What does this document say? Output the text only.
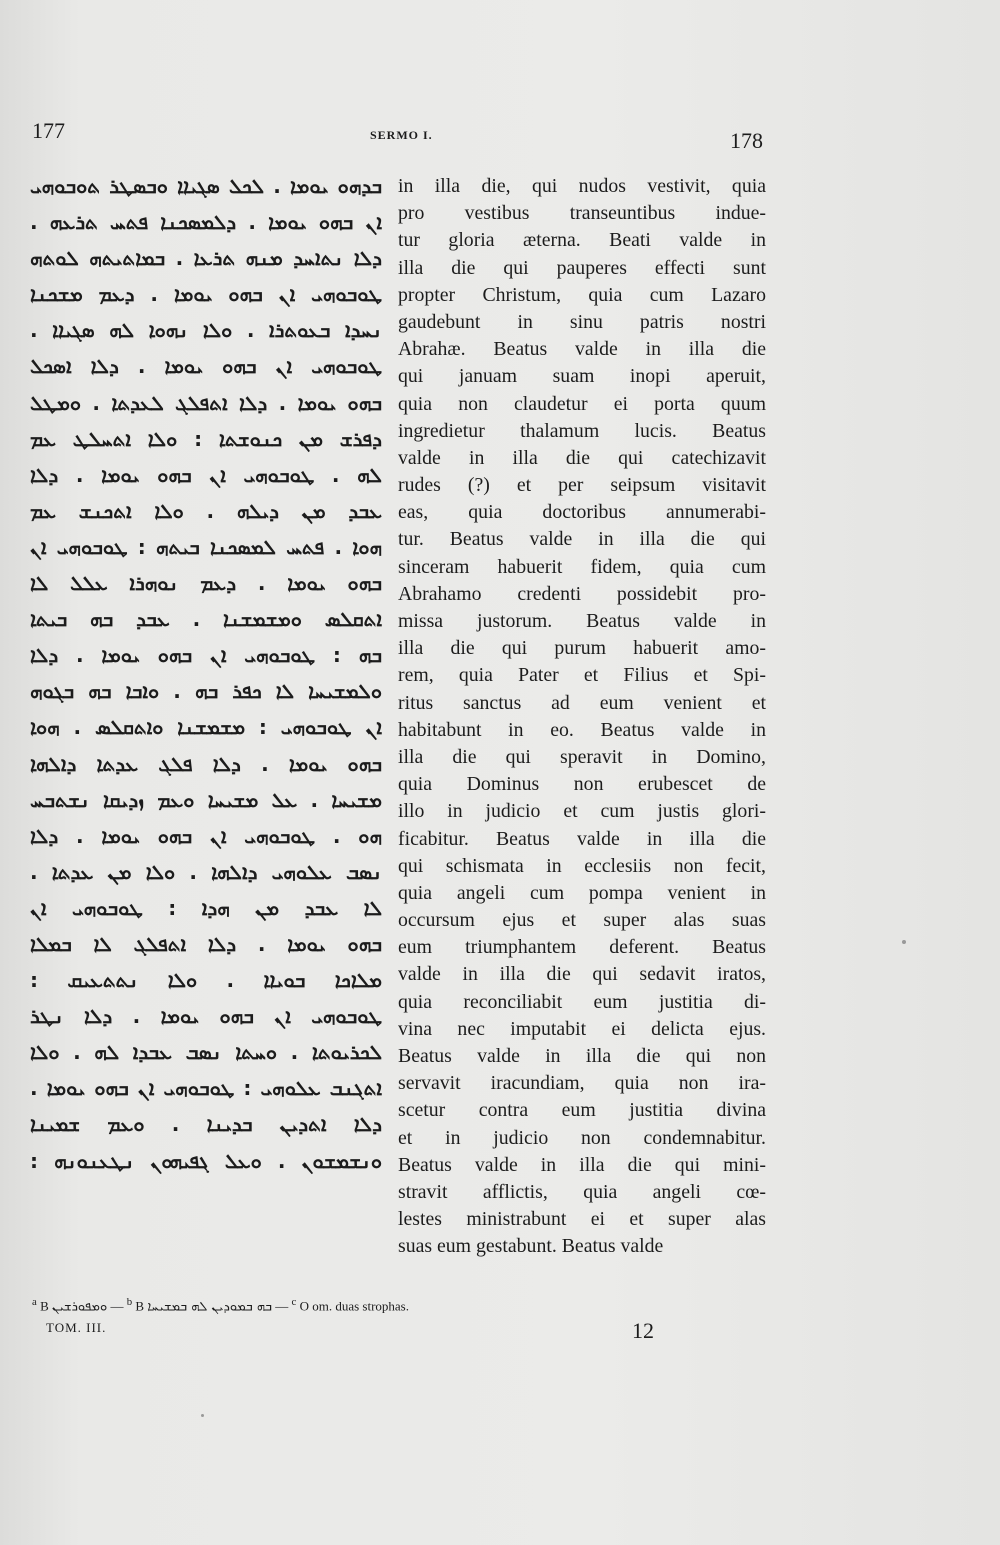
177	SERMO I.	178
ܒܕܗܘ ܝܘܡܐ . ܠܟܠ ܣܓܝܐܐ ܘܒܣܛܪ ܬܘܒܘܗܝ
ܐܢ ܒܗܘ ܝܘܡܐ . ܕܠܡܣܟܢܐ ܦܬܚ ܬܪܥܗ .
ܕܠܐ ܢܬܐܚܕ ܡܢܗ ܬܪܥܐ . ܒܡܐܬܝܬܗ ܠܘܬܗ
ܛܘܒܘܗܝ ܐܢ ܒܗܘ ܝܘܡܐ . ܕܥܡ ܡܫܟܢܐ
ܢܚܕܐ ܒܥܘܬܪܐ . ܘܠܐ ܢܗܘܐ ܠܗ ܣܓܝܐܐ .
ܛܘܒܘܗܝ ܐܢ ܒܗܘ ܝܘܡܐ . ܕܠܐ ܐܣܟܠ
ܒܗܘ ܝܘܡܐ . ܕܠܐ ܐܬܦܠܓ ܠܥܕܬܐ . ܘܡܛܠ
ܕܦܪܫ ܡܢ ܟܢܘܫܬܐ : ܘܠܐ ܐܬܚܠܛ ܥܡ
ܠܗ . ܛܘܒܘܗܝ ܐܢ ܒܗܘ ܝܘܡܐ . ܕܠܐ
ܥܒܕ ܡܢ ܕܝܠܗ . ܘܠܐ ܐܬܟܢܫ ܥܡ
ܗܘܐ . ܦܬܚ ܠܡܣܟܢܐ ܒܝܬܗ : ܛܘܒܘܗܝ ܐܢ
ܒܗܘ ܝܘܡܐ . ܕܥܡ ܢܘܗܪܐ ܥܠܠ ܠܐ
ܐܬܩܠܣ ܘܡܫܡܫܢܐ . ܥܒܕ ܒܗ ܒܝܬܐ
ܒܗ : ܛܘܒܘܗܝ ܐܢ ܒܗܘ ܝܘܡܐ . ܕܠܐ
ܘܠܡܫܝܚܐ ܠܐ ܟܦܪ ܒܗ . ܘܐܒܐ ܒܗ ܒܓܘܗ
ܐܢ ܛܘܒܘܗܝ : ܡܫܡܫܢܐ ܘܐܬܩܠܣ . ܗܘܐ
ܒܗܘ ܝܘܡܐ . ܕܠܐ ܦܠܓ ܥܕܬܐ ܕܐܠܗܐ
ܡܫܝܚܐ . ܥܠ ܡܫܝܚܐ ܘܥܡ ܙܕܝܩܐ ܢܫܬܒܚ
ܗܘ . ܛܘܒܘܗܝ ܐܢ ܒܗܘ ܝܘܡܐ . ܕܠܐ
ܢܣܒ ܥܠܘܗܝ ܕܐܠܗܐ . ܘܠܐ ܡܢ ܥܕܬܐ .
ܠܐ ܥܒܕ ܡܢ ܗܕܐ : ܛܘܒܘܗܝ ܐܢ
ܒܗܘ ܝܘܡܐ . ܕܠܐ ܐܬܦܠܓ ܠܐ ܒܡܠܐ
ܡܠܐܟܐ ܒܘܝܐܐ . ܘܠܐ ܢܬܬܥܝܩ :
ܛܘܒܘܗܝ ܐܢ ܒܗܘ ܝܘܡܐ . ܕܠܐ ܢܛܪ
ܠܟܪܝܘܬܐ . ܘܚܬܐ ܢܣܒ ܥܒܕܐ ܠܗ . ܘܠܐ
ܐܬܓܢܒ ܥܠܘܗܝ : ܛܘܒܘܗܝ ܐܢ ܒܗܘ ܝܘܡܐ .
ܕܠܐ ܐܬܕܝܢ ܒܕܝܢܐ . ܘܥܡ ܫܡܝܢܐ
ܘܢܫܡܫܘܢ . ܘܥܠ ܓܦܝܗܘܢ ܢܛܥܢܘܢܗ :
in illa die, qui nudos vestivit, quia
pro vestibus transeuntibus indue-
tur gloria æterna. Beati valde in
illa die qui pauperes effecti sunt
propter Christum, quia cum Lazaro
gaudebunt in sinu patris nostri
Abrahæ. Beatus valde in illa die
qui januam suam inopi aperuit,
quia non claudetur ei porta quum
ingredietur thalamum lucis. Beatus
valde in illa die qui catechizavit
rudes (?) et per seipsum visitavit
eas, quia doctoribus annumerabi-
tur. Beatus valde in illa die qui
sinceram habuerit fidem, quia cum
Abrahamo credenti possidebit pro-
missa justorum. Beatus valde in
illa die qui purum habuerit amo-
rem, quia Pater et Filius et Spi-
ritus sanctus ad eum venient et
habitabunt in eo. Beatus valde in
illa die qui speravit in Domino,
quia Dominus non erubescet de
illo in judicio et cum justis glori-
ficabitur. Beatus valde in illa die
qui schismata in ecclesiis non fecit,
quia angeli cum pompa venient in
occursum ejus et super alas suas
eum triumphantem deferent. Beatus
valde in illa die qui sedavit iratos,
quia reconciliabit eum justitia di-
vina nec imputabit ei delicta ejus.
Beatus valde in illa die qui non
servavit iracundiam, quia non ira-
scetur contra eum justitia divina
et in judicio non condemnabitur.
Beatus valde in illa die qui mini-
stravit afflictis, quia angeli cœ-
lestes ministrabunt ei et super alas
suas eum gestabunt. Beatus valde
$^a$ B ܘܡܦܘܪܫܝܢ — $^b$ B ܒܗ ܒܡܘܕܝܢ ܠܗ ܒܡܫܝܚܐ — $^c$ O om. duas strophas.
TOM. III.	12
